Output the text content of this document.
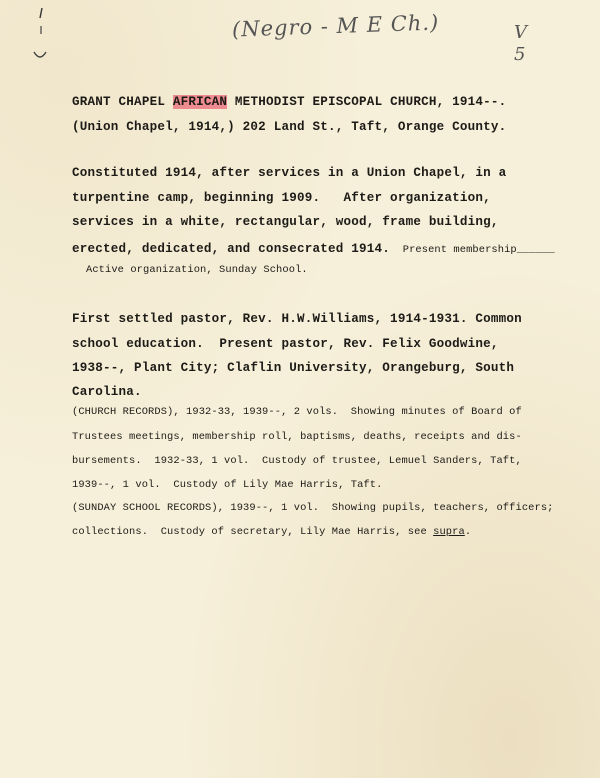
(Negro - M E Ch.)	V
5

GRANT CHAPEL AFRICAN METHODIST EPISCOPAL CHURCH, 1914--.

(Union Chapel, 1914,) 202 Land St., Taft, Orange County.

Constituted 1914, after services in a Union Chapel, in a

turpentine camp, beginning 1909.   After organization,

services in a white, rectangular, wood, frame building,

erected, dedicated, and consecrated 1914.  Present membership______

Active organization, Sunday School.

First settled pastor, Rev. H.W.Williams, 1914-1931. Common

school education.  Present pastor, Rev. Felix Goodwine,

1938--, Plant City; Claflin University, Orangeburg, South

Carolina.

(CHURCH RECORDS), 1932-33, 1939--, 2 vols.  Showing minutes of Board of

Trustees meetings, membership roll, baptisms, deaths, receipts and dis-

bursements.  1932-33, 1 vol.  Custody of trustee, Lemuel Sanders, Taft,

1939--, 1 vol.  Custody of Lily Mae Harris, Taft.

(SUNDAY SCHOOL RECORDS), 1939--, 1 vol.  Showing pupils, teachers, officers;

collections.  Custody of secretary, Lily Mae Harris, see supra.
